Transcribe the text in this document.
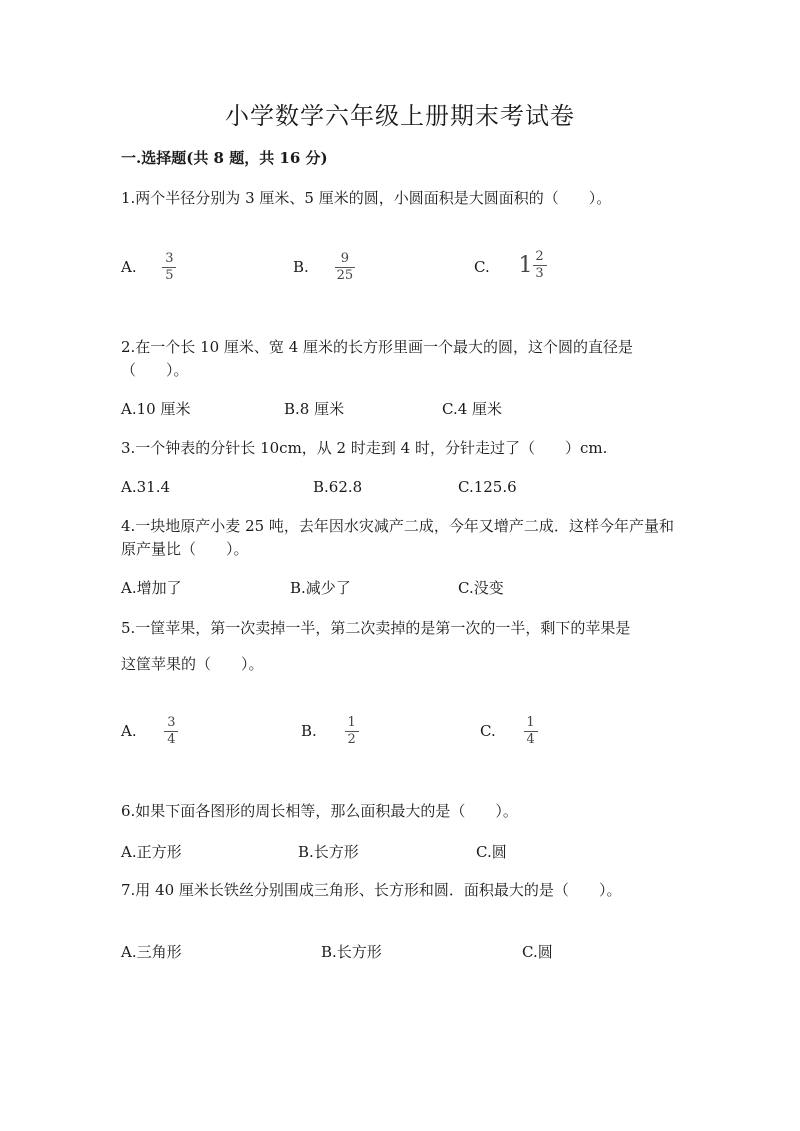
小学数学六年级上册期末考试卷
一.选择题(共 8 题，共 16 分)
1.两个半径分别为 3 厘米、5 厘米的圆，小圆面积是大圆面积的（　　）。
A. $\frac{3}{5}$	B. $\frac{9}{25}$	C. $1 \frac{2}{3}$
2.在一个长 10 厘米、宽 4 厘米的长方形里画一个最大的圆，这个圆的直径是（　　）。
A.10 厘米	B.8 厘米	C.4 厘米
3.一个钟表的分针长 10cm，从 2 时走到 4 时，分针走过了（　　）cm.
A.31.4	B.62.8	C.125.6
4.一块地原产小麦 25 吨，去年因水灾减产二成，今年又增产二成．这样今年产量和原产量比（　　）。
A.增加了	B.减少了	C.没变
5.一筐苹果，第一次卖掉一半，第二次卖掉的是第一次的一半，剩下的苹果是
这筐苹果的（　　）。
A. $\frac{3}{4}$	B. $\frac{1}{2}$	C. $\frac{1}{4}$
6.如果下面各图形的周长相等，那么面积最大的是（　　）。
A.正方形	B.长方形	C.圆
7.用 40 厘米长铁丝分别围成三角形、长方形和圆．面积最大的是（　　）。
A.三角形	B.长方形	C.圆
